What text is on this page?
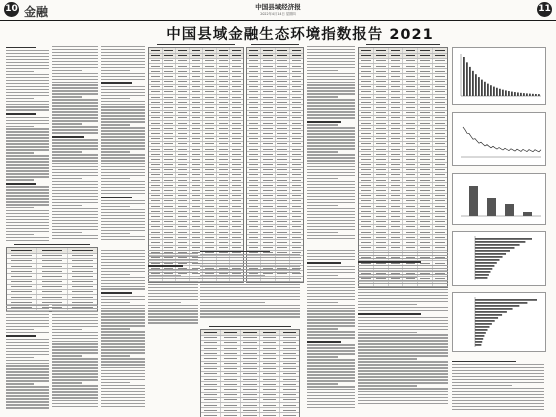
10 金融	中国县域经济报
2022年4月14日 星期四	11
中国县域金融生态环境指数报告 2021
